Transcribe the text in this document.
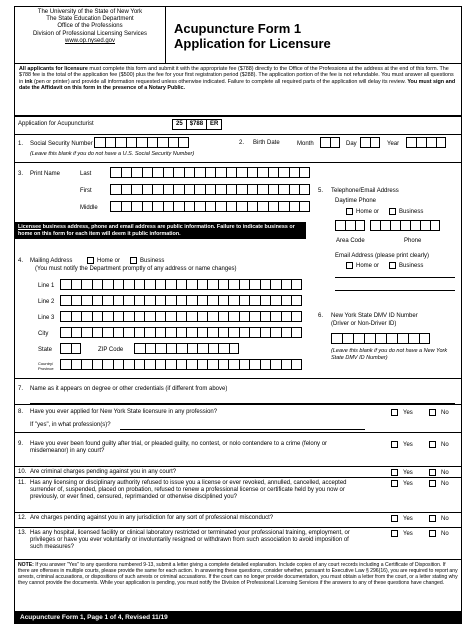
The University of the State of New York
The State Education Department
Office of the Professions
Division of Professional Licensing Services
www.op.nysed.gov
Acupuncture Form 1
Application for Licensure
All applicants for licensure must complete this form and submit it with the appropriate fee ($788) directly to the Office of the Professions at the address at the end of this form. The $788 fee is the total of the application fee ($500) plus the fee for your first registration period ($288). The application portion of the fee is not refundable. You must answer all questions in ink (pen or printer) and provide all information requested unless otherwise indicated. Failure to complete all required parts of the application will delay its review. You must sign and date the Affidavit on this form in the presence of a Notary Public.
Application for Acupuncturist	25	$788	ER
1. Social Security Number
(Leave this blank if you do not have a U.S. Social Security Number)
2. Birth Date	Month	Day	Year
3. Print Name	Last
First
Middle
5. Telephone/Email Address
Daytime Phone
Home or	Business
Licensee business address, phone and email address are public information. Failure to indicate business or home on this form for each item will deem it public information.
Area Code	Phone
Email Address (please print clearly)
Home or	Business
4. Mailing Address	Home or	Business
(You must notify the Department promptly of any address or name changes)
Line 1
Line 2
Line 3
City
State	ZIP Code
Country/ Province
6. New York State DMV ID Number
(Driver or Non-Driver ID)
(Leave this blank if you do not have a New York State DMV ID Number)
7. Name as it appears on degree or other credentials (if different from above)
8. Have you ever applied for New York State licensure in any profession?
If "yes", in what profession(s)?
Yes	No
9. Have you ever been found guilty after trial, or pleaded guilty, no contest, or nolo contendere to a crime (felony or misdemeanor) in any court?
Yes	No
10. Are criminal charges pending against you in any court?	Yes	No
11. Has any licensing or disciplinary authority refused to issue you a license or ever revoked, annulled, cancelled, accepted surrender of, suspended, placed on probation, refused to renew a professional license or certificate held by you now or previously, or ever fined, censured, reprimanded or otherwise disciplined you?
Yes	No
12. Are charges pending against you in any jurisdiction for any sort of professional misconduct?	Yes	No
13. Has any hospital, licensed facility or clinical laboratory restricted or terminated your professional training, employment, or privileges or have you ever voluntarily or involuntarily resigned or withdrawn from such association to avoid imposition of such measures?
Yes	No
NOTE: If you answer "Yes" to any questions numbered 9-13, submit a letter giving a complete detailed explanation. Include copies of any court records including a Certificate of Disposition. If there are offenses in multiple courts, please provide the same for each action. In answering these questions, consider whether, pursuant to Executive Law § 296(16), you are required to report any arrests, criminal accusations, or dispositions of such arrests or criminal accusations. If the court can no longer provide documentation, you must obtain a letter from the court, or a letter stating why they cannot provide the documents. While your application is pending, you must notify the Division of Professional Licensing Services if the answers to any of these questions have changed.
Acupuncture Form 1, Page 1 of 4, Revised 11/19
